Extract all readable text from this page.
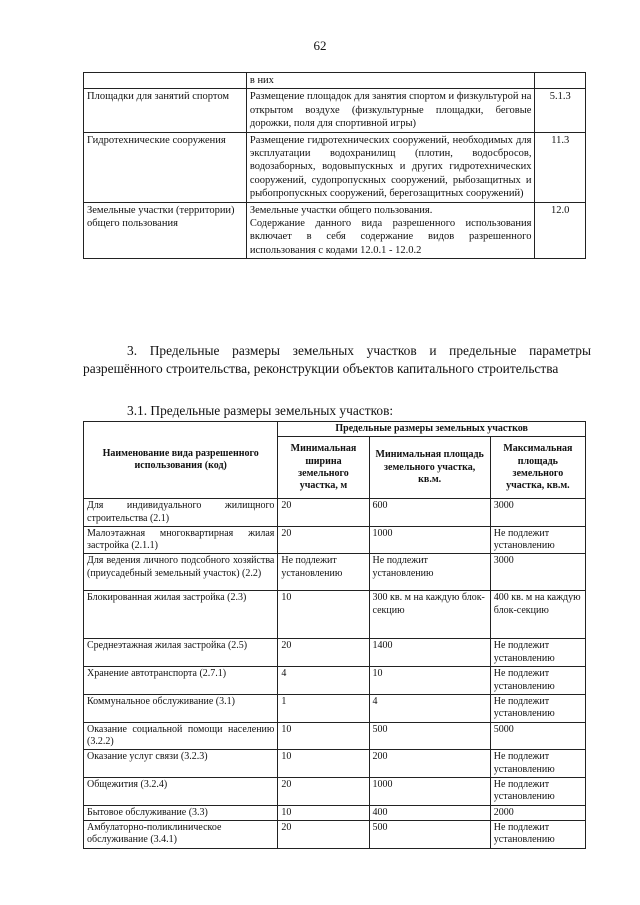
62
	в них	
Площадки для занятий спортом	Размещение площадок для занятия спортом и физкультурой на открытом воздухе (физкультурные площадки, беговые дорожки, поля для спортивной игры)	5.1.3
Гидротехнические сооружения	Размещение гидротехнических сооружений, необходимых для эксплуатации водохранилищ (плотин, водосбросов, водозаборных, водовыпускных и других гидротехнических сооружений, судопропускных сооружений, рыбозащитных и рыбопропускных сооружений, берегозащитных сооружений)	11.3
Земельные участки (территории) общего пользования	Земельные участки общего пользования.
Содержание данного вида разрешенного использования включает в себя содержание видов разрешенного использования с кодами 12.0.1 - 12.0.2	12.0
3. Предельные размеры земельных участков и предельные параметры разрешённого строительства, реконструкции объектов капитального строительства
3.1. Предельные размеры земельных участков:
Наименование вида разрешенного использования (код)	Предельные размеры земельных участков		
	Минимальная ширина земельного участка, м	Минимальная площадь земельного участка, кв.м.	Максимальная площадь земельного участка, кв.м.
Для индивидуального жилищного строительства (2.1)	20	600	3000
Малоэтажная многоквартирная жилая застройка (2.1.1)	20	1000	Не подлежит установлению
Для ведения личного подсобного хозяйства (приусадебный земельный участок) (2.2)	Не подлежит установлению	Не подлежит установлению	3000
Блокированная жилая застройка (2.3)	10	300 кв. м на каждую блок-секцию	400 кв. м на каждую блок-секцию
Среднеэтажная жилая застройка (2.5)	20	1400	Не подлежит установлению
Хранение автотранспорта (2.7.1)	4	10	Не подлежит установлению
Коммунальное обслуживание (3.1)	1	4	Не подлежит установлению
Оказание социальной помощи населению (3.2.2)	10	500	5000
Оказание услуг связи (3.2.3)	10	200	Не подлежит установлению
Общежития (3.2.4)	20	1000	Не подлежит установлению
Бытовое обслуживание (3.3)	10	400	2000
Амбулаторно-поликлиническое обслуживание (3.4.1)	20	500	Не подлежит установлению
